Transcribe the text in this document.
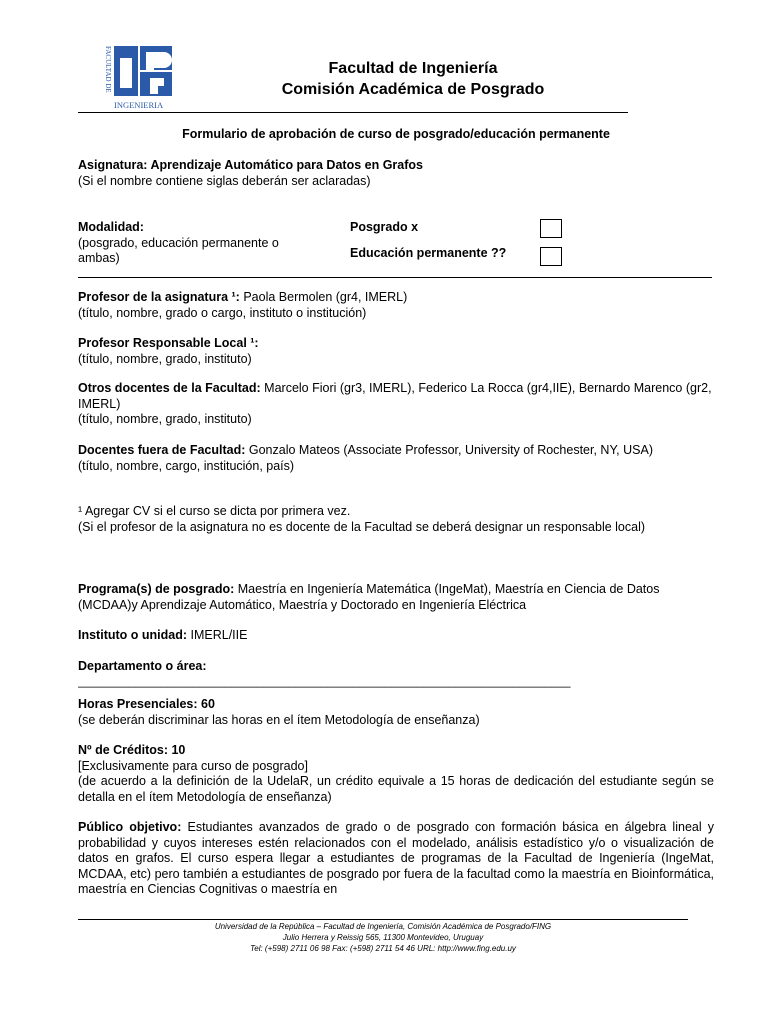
FACULTAD DE
INGENIERIA
Facultad de Ingeniería
Comisión Académica de Posgrado
Formulario de aprobación de curso de posgrado/educación permanente
Asignatura: Aprendizaje Automático para Datos en Grafos
(Si el nombre contiene siglas deberán ser aclaradas)
Modalidad:
(posgrado, educación permanente o ambas)
Posgrado x
Educación permanente ??
Profesor de la asignatura ¹: Paola Bermolen (gr4, IMERL)
(título, nombre, grado o cargo, instituto o institución)
Profesor Responsable Local ¹:
(título, nombre, grado, instituto)
Otros docentes de la Facultad: Marcelo Fiori (gr3, IMERL), Federico La Rocca (gr4,IIE), Bernardo Marenco (gr2, IMERL)
(título, nombre, grado, instituto)
Docentes fuera de Facultad: Gonzalo Mateos (Associate Professor, University of Rochester, NY, USA)
(título, nombre, cargo, institución, país)
¹ Agregar CV si el curso se dicta por primera vez.
(Si el profesor de la asignatura no es docente de la Facultad se deberá designar un responsable local)
Programa(s) de posgrado: Maestría en Ingeniería Matemática (IngeMat), Maestría en Ciencia de Datos (MCDAA)y Aprendizaje Automático, Maestría y Doctorado en Ingeniería Eléctrica
Instituto o unidad: IMERL/IIE
Departamento o área:
_____________________________________________________________________________
Horas Presenciales: 60
(se deberán discriminar las horas en el ítem Metodología de enseñanza)
Nº de Créditos: 10
[Exclusivamente para curso de posgrado]
(de acuerdo a la definición de la UdelaR, un crédito equivale a 15 horas de dedicación del estudiante según se detalla en el ítem Metodología de enseñanza)
Público objetivo: Estudiantes avanzados de grado o de posgrado con formación básica en álgebra lineal y probabilidad y cuyos intereses estén relacionados con el modelado, análisis estadístico y/o o visualización de datos en grafos. El curso espera llegar a estudiantes de programas de la Facultad de Ingeniería (IngeMat, MCDAA, etc) pero también a estudiantes de posgrado por fuera de la facultad como la maestría en Bioinformática, maestría en Ciencias Cognitivas o maestría en
Universidad de la República – Facultad de Ingeniería, Comisión Académica de Posgrado/FING
Julio Herrera y Reissig 565, 11300 Montevideo, Uruguay
Tel: (+598) 2711 06 98 Fax: (+598) 2711 54 46 URL: http://www.fing.edu.uy
